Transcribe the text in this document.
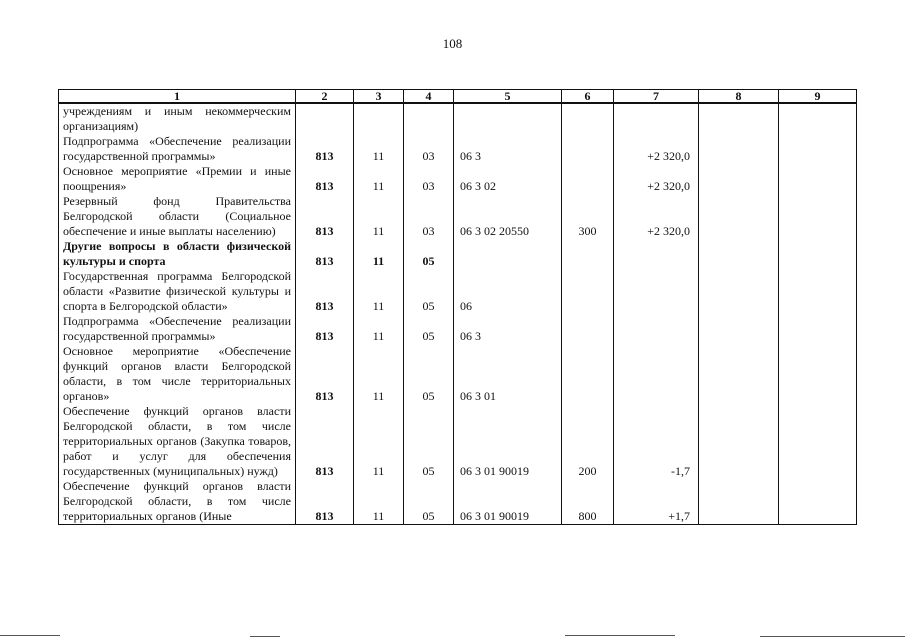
108
1	2	3	4	5	6	7	8	9
учреждениям и иным некоммерческим организациям)								
Подпрограмма «Обеспечение реализации государственной программы»	813	11	03	06 3		+2 320,0		
Основное мероприятие «Премии и иные поощрения»	813	11	03	06 3 02		+2 320,0		
Резервный фонд Правительства Белгородской области (Социальное обеспечение и иные выплаты населению)	813	11	03	06 3 02 20550	300	+2 320,0		
Другие вопросы в области физической культуры и спорта	813	11	05					
Государственная программа Белгородской области «Развитие физической культуры и спорта в Белгородской области»	813	11	05	06				
Подпрограмма «Обеспечение реализации государственной программы»	813	11	05	06 3				
Основное мероприятие «Обеспечение функций органов власти Белгородской области, в том числе территориальных органов»	813	11	05	06 3 01				
Обеспечение функций органов власти Белгородской области, в том числе территориальных органов (Закупка товаров, работ и услуг для обеспечения государственных (муниципальных) нужд)	813	11	05	06 3 01 90019	200	-1,7		
Обеспечение функций органов власти Белгородской области, в том числе территориальных органов (Иные	813	11	05	06 3 01 90019	800	+1,7		
